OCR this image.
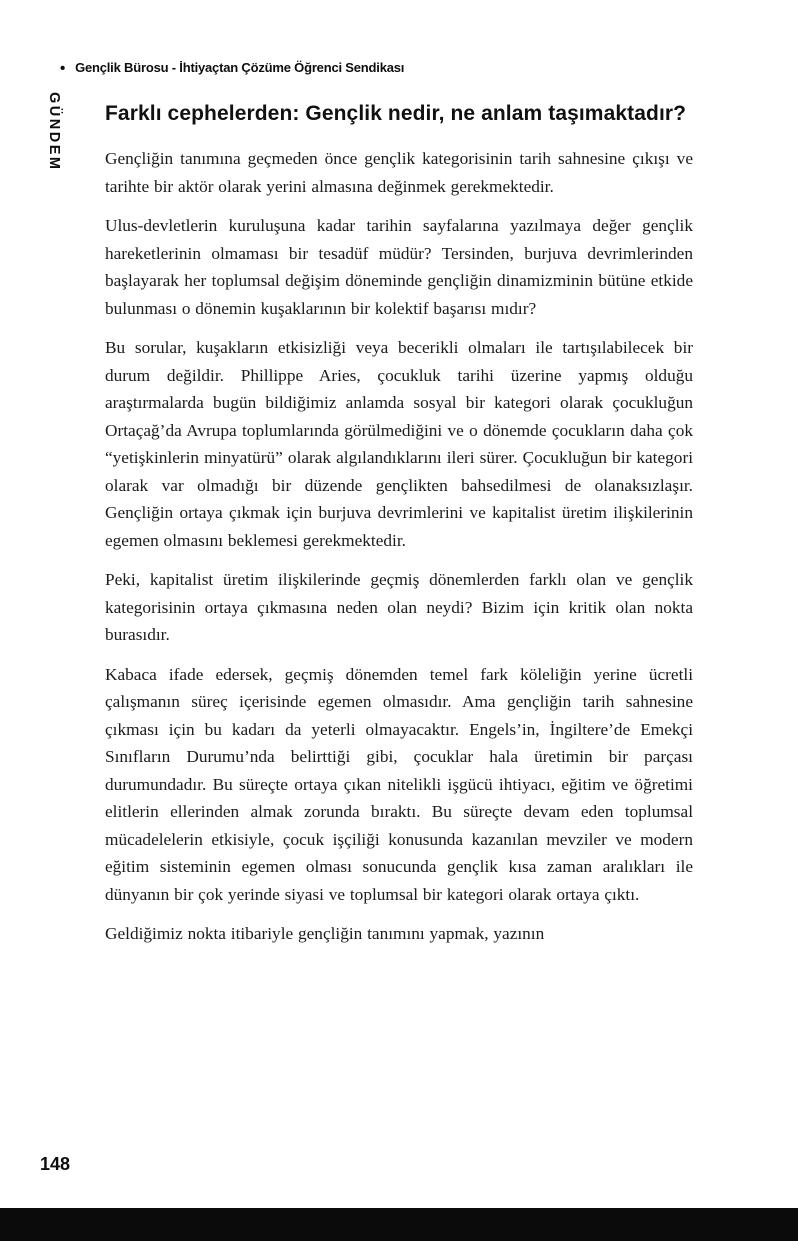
• Gençlik Bürosu - İhtiyaçtan Çözüme Öğrenci Sendikası
GÜNDEM Farklı cephelerden: Gençlik nedir, ne anlam taşımaktadır?

Gençliğin tanımına geçmeden önce gençlik kategorisinin tarih sahnesine çıkışı ve tarihte bir aktör olarak yerini almasına değinmek gerekmektedir.

Ulus-devletlerin kuruluşuna kadar tarihin sayfalarına yazılmaya değer gençlik hareketlerinin olmaması bir tesadüf müdür? Tersinden, burjuva devrimlerinden başlayarak her toplumsal değişim döneminde gençliğin dinamizminin bütüne etkide bulunması o dönemin kuşaklarının bir kolektif başarısı mıdır?

Bu sorular, kuşakların etkisizliği veya becerikli olmaları ile tartışılabilecek bir durum değildir. Phillippe Aries, çocukluk tarihi üzerine yapmış olduğu araştırmalarda bugün bildiğimiz anlamda sosyal bir kategori olarak çocukluğun Ortaçağ’da Avrupa toplumlarında görülmediğini ve o dönemde çocukların daha çok “yetişkinlerin minyatürü” olarak algılandıklarını ileri sürer. Çocukluğun bir kategori olarak var olmadığı bir düzende gençlikten bahsedilmesi de olanaksızlaşır. Gençliğin ortaya çıkmak için burjuva devrimlerini ve kapitalist üretim ilişkilerinin egemen olmasını beklemesi gerekmektedir.

Peki, kapitalist üretim ilişkilerinde geçmiş dönemlerden farklı olan ve gençlik kategorisinin ortaya çıkmasına neden olan neydi? Bizim için kritik olan nokta burasıdır.

Kabaca ifade edersek, geçmiş dönemden temel fark köleliğin yerine ücretli çalışmanın süreç içerisinde egemen olmasıdır. Ama gençliğin tarih sahnesine çıkması için bu kadarı da yeterli olmayacaktır. Engels’in, İngiltere’de Emekçi Sınıfların Durumu’nda belirttiği gibi, çocuklar hala üretimin bir parçası durumundadır. Bu süreçte ortaya çıkan nitelikli işgücü ihtiyacı, eğitim ve öğretimi elitlerin ellerinden almak zorunda bıraktı. Bu süreçte devam eden toplumsal mücadelelerin etkisiyle, çocuk işçiliği konusunda kazanılan mevziler ve modern eğitim sisteminin egemen olması sonucunda gençlik kısa zaman aralıkları ile dünyanın bir çok yerinde siyasi ve toplumsal bir kategori olarak ortaya çıktı.

Geldiğimiz nokta itibariyle gençliğin tanımını yapmak, yazının

148
